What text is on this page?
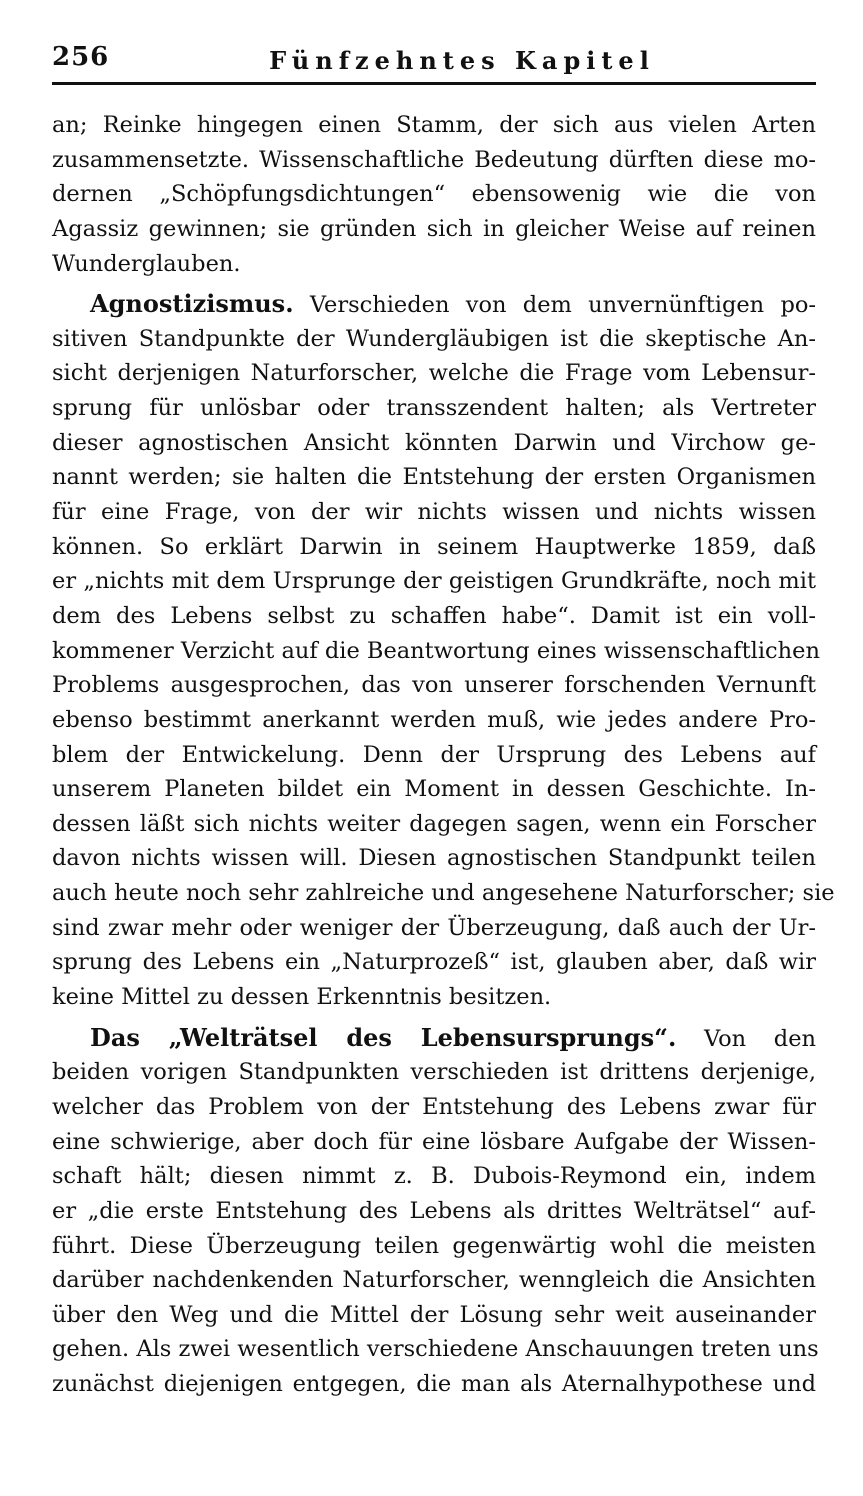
256	Fünfzehntes Kapitel
an; Reinke hingegen einen Stamm, der sich aus vielen Arten
zusammensetzte. Wissenschaftliche Bedeutung dürften diese mo-
dernen „Schöpfungsdichtungen“ ebensowenig wie die von
Agassiz gewinnen; sie gründen sich in gleicher Weise auf reinen
Wunderglauben.
Agnostizismus. Verschieden von dem unvernünftigen po-
sitiven Standpunkte der Wundergläubigen ist die skeptische An-
sicht derjenigen Naturforscher, welche die Frage vom Lebensur-
sprung für unlösbar oder transszendent halten; als Vertreter
dieser agnostischen Ansicht könnten Darwin und Virchow ge-
nannt werden; sie halten die Entstehung der ersten Organismen
für eine Frage, von der wir nichts wissen und nichts wissen
können. So erklärt Darwin in seinem Hauptwerke 1859, daß
er „nichts mit dem Ursprunge der geistigen Grundkräfte, noch mit
dem des Lebens selbst zu schaffen habe“. Damit ist ein voll-
kommener Verzicht auf die Beantwortung eines wissenschaftlichen
Problems ausgesprochen, das von unserer forschenden Vernunft
ebenso bestimmt anerkannt werden muß, wie jedes andere Pro-
blem der Entwickelung. Denn der Ursprung des Lebens auf
unserem Planeten bildet ein Moment in dessen Geschichte. In-
dessen läßt sich nichts weiter dagegen sagen, wenn ein Forscher
davon nichts wissen will. Diesen agnostischen Standpunkt teilen
auch heute noch sehr zahlreiche und angesehene Naturforscher; sie
sind zwar mehr oder weniger der Überzeugung, daß auch der Ur-
sprung des Lebens ein „Naturprozeß“ ist, glauben aber, daß wir
keine Mittel zu dessen Erkenntnis besitzen.
Das „Welträtsel des Lebensursprungs“. Von den
beiden vorigen Standpunkten verschieden ist drittens derjenige,
welcher das Problem von der Entstehung des Lebens zwar für
eine schwierige, aber doch für eine lösbare Aufgabe der Wissen-
schaft hält; diesen nimmt z. B. Dubois-Reymond ein, indem
er „die erste Entstehung des Lebens als drittes Welträtsel“ auf-
führt. Diese Überzeugung teilen gegenwärtig wohl die meisten
darüber nachdenkenden Naturforscher, wenngleich die Ansichten
über den Weg und die Mittel der Lösung sehr weit auseinander
gehen. Als zwei wesentlich verschiedene Anschauungen treten uns
zunächst diejenigen entgegen, die man als Aternalhypothese und
